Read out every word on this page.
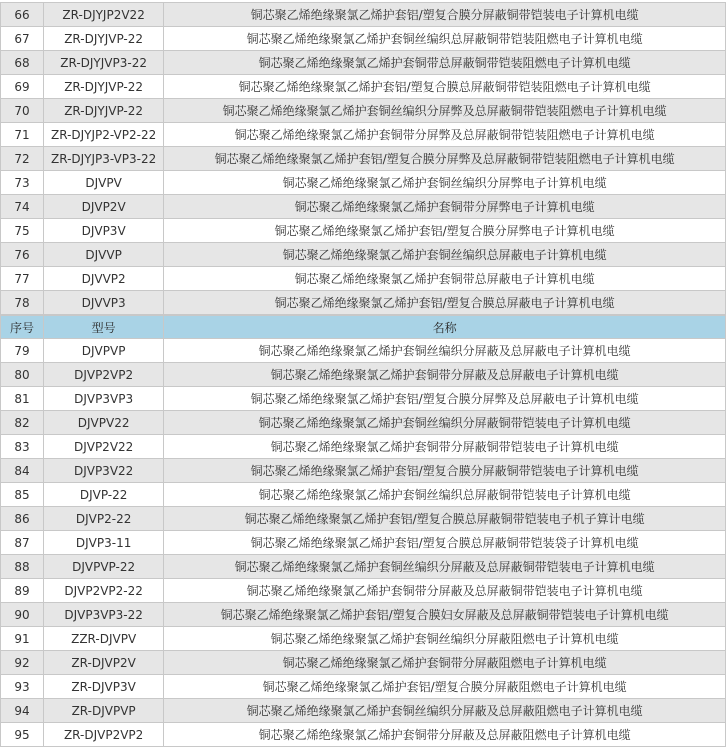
66	ZR-DJYJP2V22	铜芯聚乙烯绝缘聚氯乙烯护套铝/塑复合膜分屏蔽铜带铠装电子计算机电缆
67	ZR-DJYJVP-22	铜芯聚乙烯绝缘聚氯乙烯护套铜丝编织总屏蔽铜带铠装阻燃电子计算机电缆
68	ZR-DJYJVP3-22	铜芯聚乙烯绝缘聚氯乙烯护套铜带总屏蔽铜带铠装阻燃电子计算机电缆
69	ZR-DJYJVP-22	铜芯聚乙烯绝缘聚氯乙烯护套铝/塑复合膜总屏蔽铜带铠装阻燃电子计算机电缆
70	ZR-DJYJVP-22	铜芯聚乙烯绝缘聚氯乙烯护套铜丝编织分屏弊及总屏蔽铜带铠装阻燃电子计算机电缆
71	ZR-DJYJP2-VP2-22	铜芯聚乙烯绝缘聚氯乙烯护套铜带分屏弊及总屏蔽铜带铠装阻燃电子计算机电缆
72	ZR-DJYJP3-VP3-22	铜芯聚乙烯绝缘聚氯乙烯护套铝/塑复合膜分屏弊及总屏蔽铜带铠装阻燃电子计算机电缆
73	DJVPV	铜芯聚乙烯绝缘聚氯乙烯护套铜丝编织分屏弊电子计算机电缆
74	DJVP2V	铜芯聚乙烯绝缘聚氯乙烯护套铜带分屏弊电子计算机电缆
75	DJVP3V	铜芯聚乙烯绝缘聚氯乙烯护套铝/塑复合膜分屏弊电子计算机电缆
76	DJVVP	铜芯聚乙烯绝缘聚氯乙烯护套铜丝编织总屏蔽电子计算机电缆
77	DJVVP2	铜芯聚乙烯绝缘聚氯乙烯护套铜带总屏蔽电子计算机电缆
78	DJVVP3	铜芯聚乙烯绝缘聚氯乙烯护套铝/塑复合膜总屏蔽电子计算机电缆
序号	型号	名称
79	DJVPVP	铜芯聚乙烯绝缘聚氯乙烯护套铜丝编织分屏蔽及总屏蔽电子计算机电缆
80	DJVP2VP2	铜芯聚乙烯绝缘聚氯乙烯护套铜带分屏蔽及总屏蔽电子计算机电缆
81	DJVP3VP3	铜芯聚乙烯绝缘聚氯乙烯护套铝/塑复合膜分屏弊及总屏蔽电子计算机电缆
82	DJVPV22	铜芯聚乙烯绝缘聚氯乙烯护套铜丝编织分屏蔽铜带铠装电子计算机电缆
83	DJVP2V22	铜芯聚乙烯绝缘聚氯乙烯护套铜带分屏蔽铜带铠装电子计算机电缆
84	DJVP3V22	铜芯聚乙烯绝缘聚氯乙烯护套铝/塑复合膜分屏蔽铜带铠装电子计算机电缆
85	DJVP-22	铜芯聚乙烯绝缘聚氯乙烯护套铜丝编织总屏蔽铜带铠装电子计算机电缆
86	DJVP2-22	铜芯聚乙烯绝缘聚氯乙烯护套铝/塑复合膜总屏蔽铜带铠装电子机子算计电缆
87	DJVP3-11	铜芯聚乙烯绝缘聚氯乙烯护套铝/塑复合膜总屏蔽铜带铠装袋子计算机电缆
88	DJVPVP-22	铜芯聚乙烯绝缘聚氯乙烯护套铜丝编织分屏蔽及总屏蔽铜带铠装电子计算机电缆
89	DJVP2VP2-22	铜芯聚乙烯绝缘聚氯乙烯护套铜带分屏蔽及总屏蔽铜带铠装电子计算机电缆
90	DJVP3VP3-22	铜芯聚乙烯绝缘聚氯乙烯护套铝/塑复合膜妇女屏蔽及总屏蔽铜带铠装电子计算机电缆
91	ZZR-DJVPV	铜芯聚乙烯绝缘聚氯乙烯护套铜丝编织分屏蔽阻燃电子计算机电缆
92	ZR-DJVP2V	铜芯聚乙烯绝缘聚氯乙烯护套铜带分屏蔽阻燃电子计算机电缆
93	ZR-DJVP3V	铜芯聚乙烯绝缘聚氯乙烯护套铝/塑复合膜分屏蔽阻燃电子计算机电缆
94	ZR-DJVPVP	铜芯聚乙烯绝缘聚氯乙烯护套铜丝编织分屏蔽及总屏蔽阻燃电子计算机电缆
95	ZR-DJVP2VP2	铜芯聚乙烯绝缘聚氯乙烯护套铜带分屏蔽及总屏蔽阻燃电子计算机电缆
